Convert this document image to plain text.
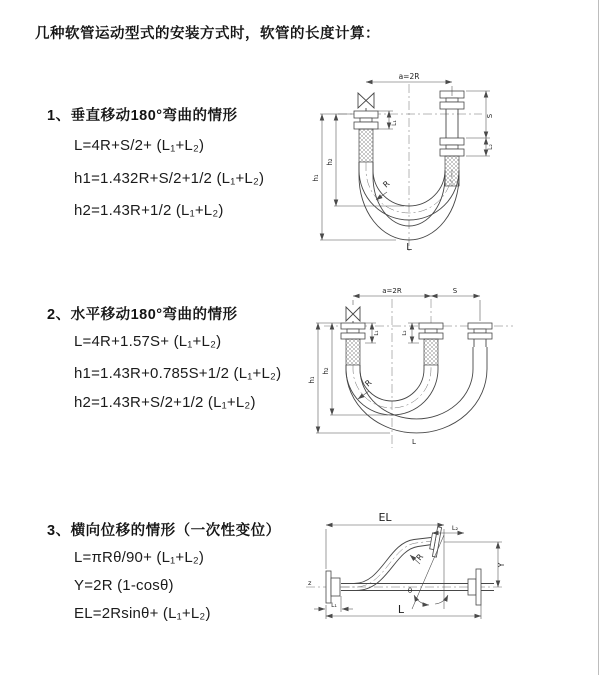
几种软管运动型式的安装方式时，软管的长度计算：
1、垂直移动180°弯曲的情形
L=4R+S/2+ (L₁+L₂)
h1=1.432R+S/2+1/2 (L₁+L₂)
h2=1.43R+1/2 (L₁+L₂)
a=2R
L₁
S
L₂
h₂
h₁
R
L
2、水平移动180°弯曲的情形
L=4R+1.57S+ (L₁+L₂)
h1=1.43R+0.785S+1/2 (L₁+L₂)
h2=1.43R+S/2+1/2 (L₁+L₂)
a=2R	S
L₁	L₂
h₂
h₁	R
L
3、横向位移的情形（一次性变位）
L=πRθ/90+ (L₁+L₂)
Y=2R (1-cosθ)
EL=2Rsinθ+ (L₁+L₂)
EL
L₂
Y
θ
R
L
L₁
z
